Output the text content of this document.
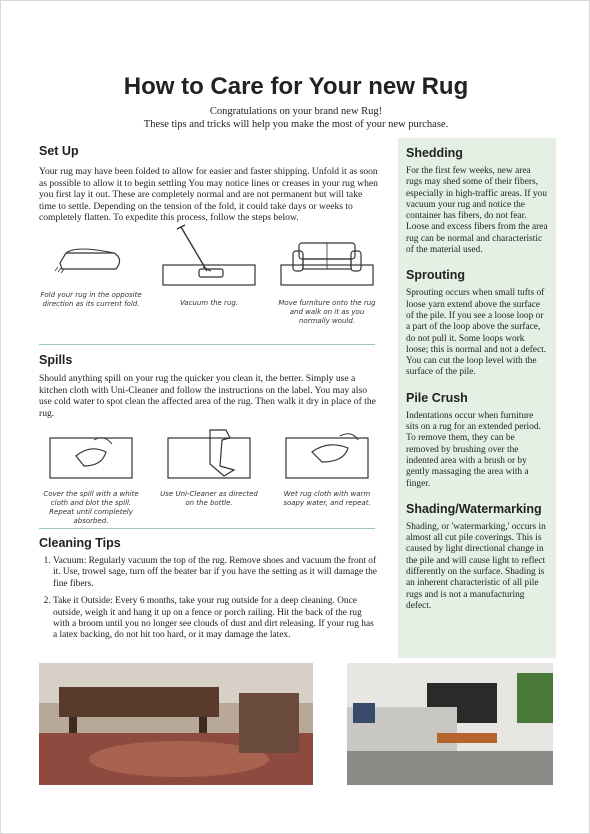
How to Care for Your new Rug
Congratulations on your brand new Rug!
These tips and tricks will help you make the most of your new purchase.
Set Up
Your rug may have been folded to allow for easier and faster shipping. Unfold it as soon as possible to allow it to begin settling You may notice lines or creases in your rug when you first lay it out. These are completely normal and are not permanent but will take time to settle. Depending on the tension of the fold, it could take days or weeks to completely flatten. To expedite this process, follow the steps below.
Fold your rug in the opposite direction as its current fold.	Vacuum the rug.	Move furniture onto the rug and walk on it as you normally would.
Spills
Should anything spill on your rug the quicker you clean it, the better. Simply use a kitchen cloth with Uni-Cleaner and follow the instructions on the label. You may also use cold water to spot clean the affected area of the rug. Then walk it dry in place of the rug.
Cover the spill with a white cloth and blot the spill. Repeat until completely absorbed.
Use Uni-Cleaner as directed on the bottle.
Wet rug cloth with warm soapy water, and repeat.
Cleaning Tips
1. Vacuum: Regularly vacuum the top of the rug. Remove shoes and vacuum the front of it. Use, trowel sage, turn off the beater bar if you have the setting as it will damage the fine fibers.
2. Take it Outside: Every 6 months, take your rug outside for a deep cleaning. Once outside, weigh it and hang it up on a fence or porch railing. Hit the back of the rug with a broom until you no longer see clouds of dust and dirt releasing. If your rug has a latex backing, do not hit too hard, or it may damage the latex.
Shedding
For the first few weeks, new area rugs may shed some of their fibers, especially in high-traffic areas. If you vacuum your rug and notice the container has fibers, do not fear. Loose and excess fibers from the area rug can be normal and characteristic of the material used.
Sprouting
Sprouting occurs when small tufts of loose yarn extend above the surface of the pile. If you see a loose loop or a part of the loop above the surface, do not pull it. Some loops work loose; this is normal and not a defect. You can cut the loop level with the surface of the pile.
Pile Crush
Indentations occur when furniture sits on a rug for an extended period. To remove them, they can be removed by brushing over the indented area with a brush or by gently massaging the area with a finger.
Shading/Watermarking
Shading, or 'watermarking,' occurs in almost all cut pile coverings. This is caused by light directional change in the pile and will cause light to reflect differently on the surface. Shading is an inherent characteristic of all pile rugs and is not a manufacturing defect.
